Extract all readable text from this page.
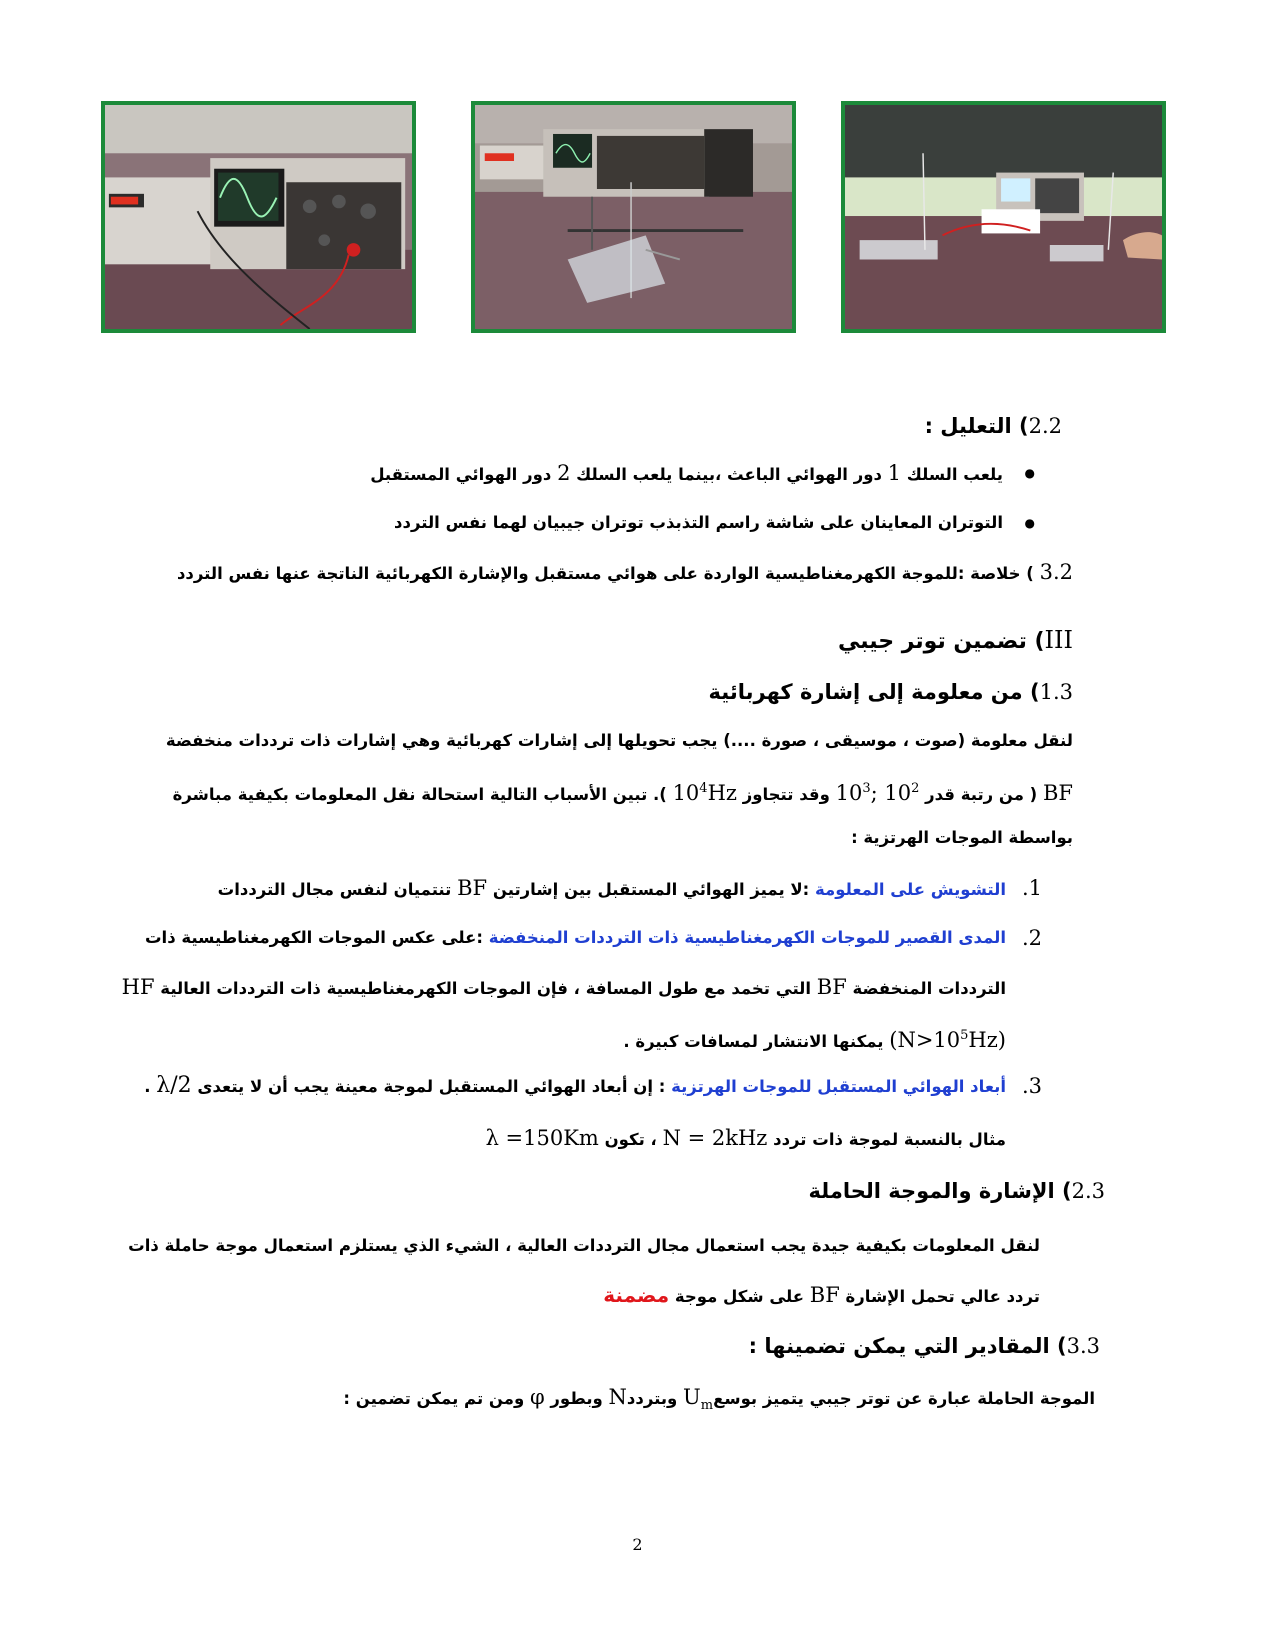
2.2) التعليل :
● يلعب السلك 1 دور الهوائي الباعث ،بينما يلعب السلك 2 دور الهوائي المستقبل
● التوتران المعاينان على شاشة راسم التذبذب توتران جيبيان لهما نفس التردد
3.2 ) خلاصة :للموجة الكهرمغناطيسية الواردة على هوائي مستقبل والإشارة الكهربائية الناتجة عنها نفس التردد
III) تضمين توتر جيبي
1.3) من معلومة إلى إشارة كهربائية
لنقل معلومة (صوت ، موسيقى ، صورة ....) يجب تحويلها إلى إشارات كهربائية وهي إشارات ذات ترددات منخفضة
BF ( من رتبة قدر $10^3$; $10^2$ وقد تتجاوز $10^4Hz$ ). تبين الأسباب التالية استحالة نقل المعلومات بكيفية مباشرة
بواسطة الموجات الهرتزية :
1.
التشويش على المعلومة :لا يميز الهوائي المستقبل بين إشارتين BF تنتميان لنفس مجال الترددات
2.
المدى القصير للموجات الكهرمغناطيسية ذات الترددات المنخفضة :على عكس الموجات الكهرمغناطيسية ذات
الترددات المنخفضة BF التي تخمد مع طول المسافة ، فإن الموجات الكهرمغناطيسية ذات الترددات العالية HF
$(N>10^5Hz)$ يمكنها الانتشار لمسافات كبيرة .
3.
أبعاد الهوائي المستقبل للموجات الهرتزية : إن أبعاد الهوائي المستقبل لموجة معينة يجب أن لا يتعدى λ/2 .
مثال بالنسبة لموجة ذات تردد N = 2kHz ، تكون λ =150Km
2.3) الإشارة والموجة الحاملة
لنقل المعلومات بكيفية جيدة يجب استعمال مجال الترددات العالية ، الشيء الذي يستلزم استعمال موجة حاملة ذات
تردد عالي تحمل الإشارة BF على شكل موجة مضمنة
3.3) المقادير التي يمكن تضمينها :
الموجة الحاملة عبارة عن توتر جيبي يتميز بوسعU$_m$ وبترددN وبطور φ ومن تم يمكن تضمين :
2
